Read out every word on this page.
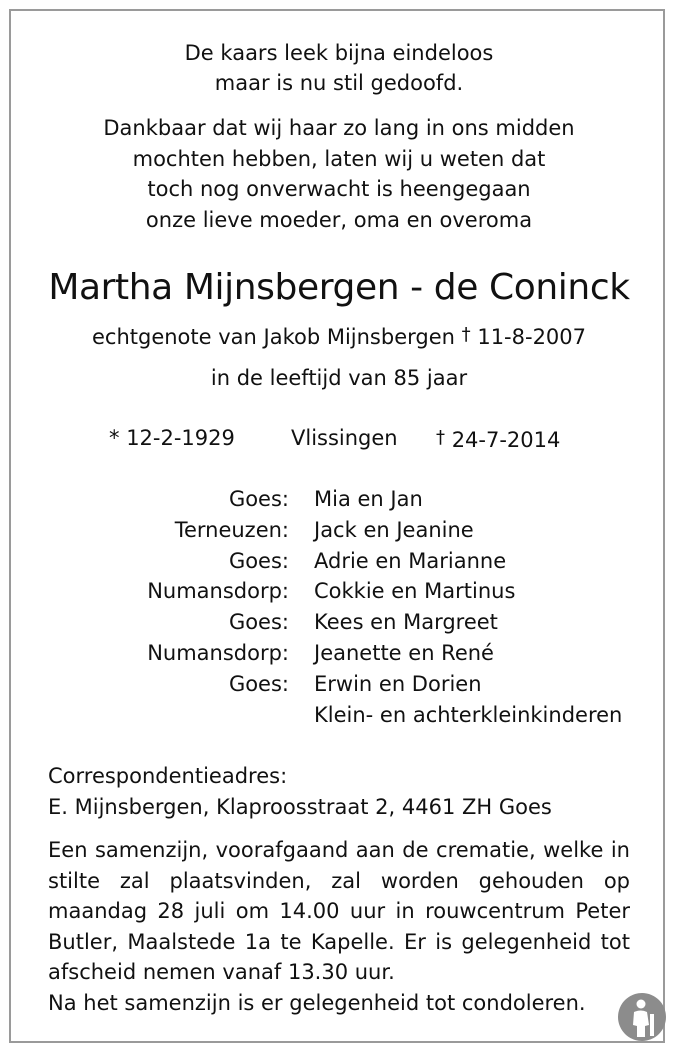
De kaars leek bijna eindeloos
maar is nu stil gedoofd.
Dankbaar dat wij haar zo lang in ons midden
mochten hebben, laten wij u weten dat
toch nog onverwacht is heengegaan
onze lieve moeder, oma en overoma
Martha Mijnsbergen - de Coninck
echtgenote van Jakob Mijnsbergen † 11-8-2007
in de leeftijd van 85 jaar
* 12-2-1929	Vlissingen † 24-7-2014
Goes: Mia en Jan
Terneuzen: Jack en Jeanine
Goes: Adrie en Marianne
Numansdorp: Cokkie en Martinus
Goes: Kees en Margreet
Numansdorp: Jeanette en René
Goes: Erwin en Dorien
Klein- en achterkleinkinderen
Correspondentieadres:
E. Mijnsbergen, Klaproosstraat 2, 4461 ZH Goes
Een samenzijn, voorafgaand aan de crematie, welke in stilte zal plaatsvinden, zal worden gehouden op maandag 28 juli om 14.00 uur in rouwcentrum Peter Butler, Maalstede 1a te Kapelle. Er is gelegenheid tot afscheid nemen vanaf 13.30 uur.
Na het samenzijn is er gelegenheid tot condoleren.
